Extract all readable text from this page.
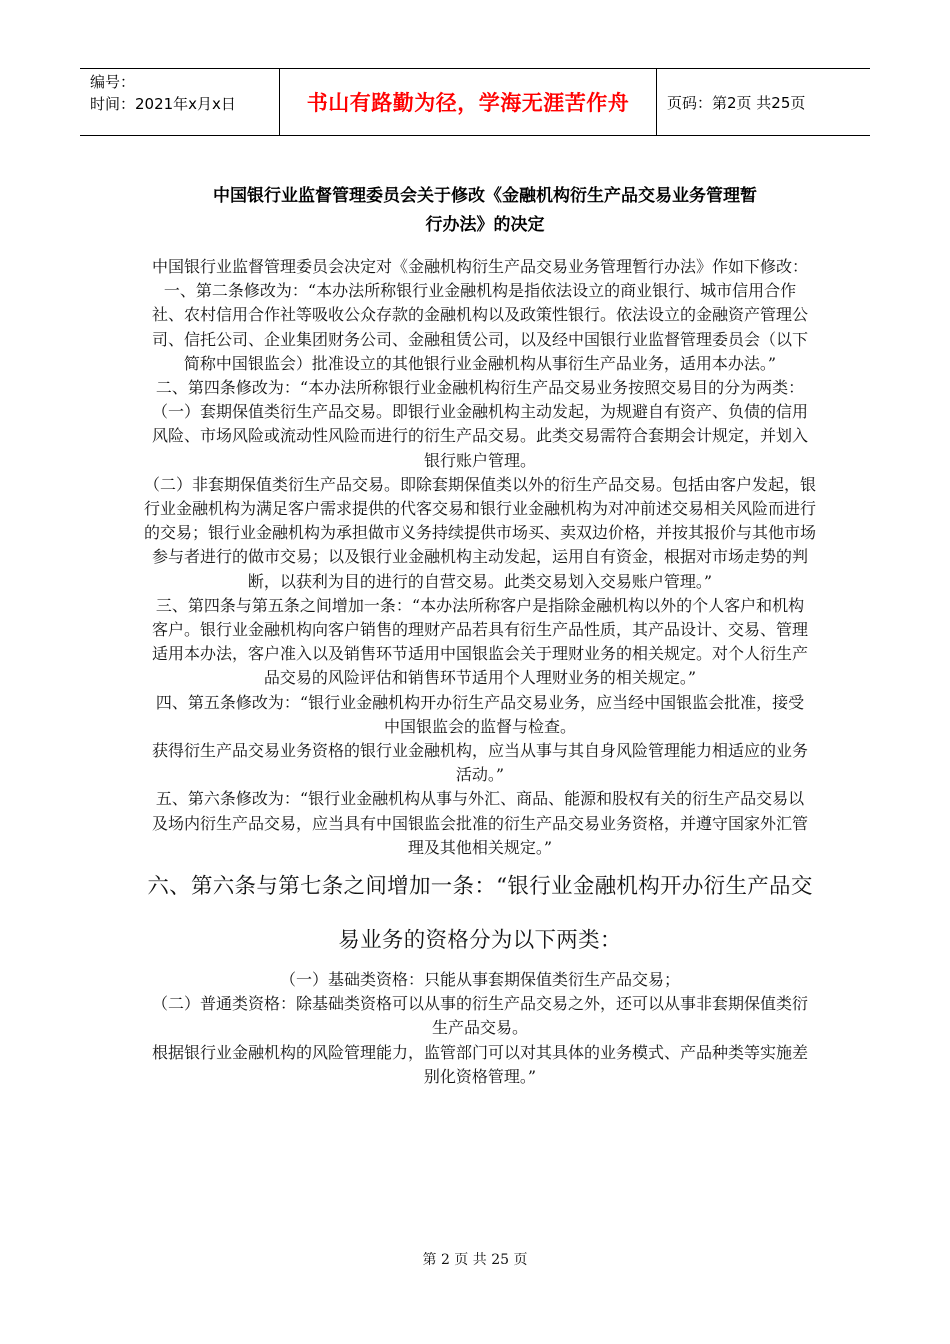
编号：
时间：2021年x月x日	书山有路勤为径，学海无涯苦作舟	页码：第2页 共25页
中国银行业监督管理委员会关于修改《金融机构衍生产品交易业务管理暂
行办法》的决定

中国银行业监督管理委员会决定对《金融机构衍生产品交易业务管理暂行办法》作如下修改：

一、第二条修改为：“本办法所称银行业金融机构是指依法设立的商业银行、城市信用合作社、农村信用合作社等吸收公众存款的金融机构以及政策性银行。依法设立的金融资产管理公司、信托公司、企业集团财务公司、金融租赁公司，以及经中国银行业监督管理委员会（以下简称中国银监会）批准设立的其他银行业金融机构从事衍生产品业务，适用本办法。”

二、第四条修改为：“本办法所称银行业金融机构衍生产品交易业务按照交易目的分为两类：

（一）套期保值类衍生产品交易。即银行业金融机构主动发起，为规避自有资产、负债的信用风险、市场风险或流动性风险而进行的衍生产品交易。此类交易需符合套期会计规定，并划入银行账户管理。

（二）非套期保值类衍生产品交易。即除套期保值类以外的衍生产品交易。包括由客户发起，银行业金融机构为满足客户需求提供的代客交易和银行业金融机构为对冲前述交易相关风险而进行的交易；银行业金融机构为承担做市义务持续提供市场买、卖双边价格，并按其报价与其他市场参与者进行的做市交易；以及银行业金融机构主动发起，运用自有资金，根据对市场走势的判断，以获利为目的进行的自营交易。此类交易划入交易账户管理。”

三、第四条与第五条之间增加一条：“本办法所称客户是指除金融机构以外的个人客户和机构客户。银行业金融机构向客户销售的理财产品若具有衍生产品性质，其产品设计、交易、管理适用本办法，客户准入以及销售环节适用中国银监会关于理财业务的相关规定。对个人衍生产品交易的风险评估和销售环节适用个人理财业务的相关规定。”

四、第五条修改为：“银行业金融机构开办衍生产品交易业务，应当经中国银监会批准，接受中国银监会的监督与检查。

获得衍生产品交易业务资格的银行业金融机构，应当从事与其自身风险管理能力相适应的业务活动。”

五、第六条修改为：“银行业金融机构从事与外汇、商品、能源和股权有关的衍生产品交易以及场内衍生产品交易，应当具有中国银监会批准的衍生产品交易业务资格，并遵守国家外汇管理及其他相关规定。”

六、第六条与第七条之间增加一条：“银行业金融机构开办衍生产品交易业务的资格分为以下两类：

（一）基础类资格：只能从事套期保值类衍生产品交易；

（二）普通类资格：除基础类资格可以从事的衍生产品交易之外，还可以从事非套期保值类衍生产品交易。

根据银行业金融机构的风险管理能力，监管部门可以对其具体的业务模式、产品种类等实施差别化资格管理。”

第 2 页 共 25 页
